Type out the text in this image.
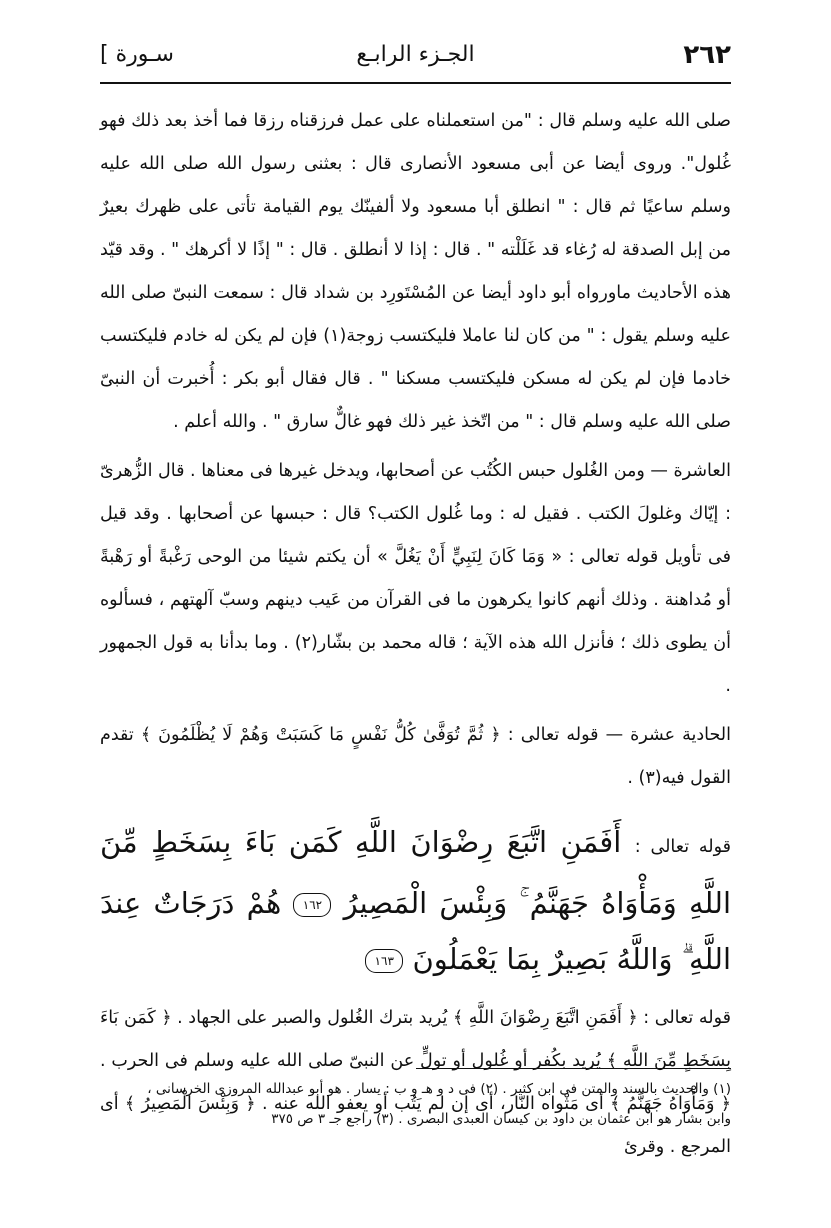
٢٦٢
الجـزء الرابـع
سـورة ]

صلى الله عليه وسلم قال : "من استعملناه على عمل فرزقناه رزقا فما أخذ بعد ذلك فهو غُلول". وروى أيضا عن أبى مسعود الأنصارى قال : بعثنى رسول الله صلى الله عليه وسلم ساعيًا ثم قال : " انطلق أبا مسعود ولا ألفينّك يوم القيامة تأتى على ظهرك بعيرٌ من إبل الصدقة له رُغاء قد غَلَلْته " . قال : إذا لا أنطلق . قال : " إذًا لا أكرهك " . وقد قيّد هذه الأحاديث ماورواه أبو داود أيضا عن المُسْتَورِد بن شداد قال : سمعت النبىّ صلى الله عليه وسلم يقول : " من كان لنا عاملا فليكتسب زوجة(١) فإن لم يكن له خادم فليكتسب خادما فإن لم يكن له مسكن فليكتسب مسكنا " . قال فقال أبو بكر : أُخبرت أن النبىّ صلى الله عليه وسلم قال : " من اتّخذ غير ذلك فهو غالٌّ سارق " . والله أعلم .

العاشرة — ومن الغُلول حبس الكُتُب عن أصحابها، ويدخل غيرها فى معناها . قال الزُّهرىّ : إيّاك وغلولَ الكتب . فقيل له : وما غُلول الكتب؟ قال : حبسها عن أصحابها . وقد قيل فى تأويل قوله تعالى : « وَمَا كَانَ لِنَبِيٍّ أَنْ يَغُلَّ » أن يكتم شيئا من الوحى رَغْبةً أو رَهْبةً أو مُداهنة . وذلك أنهم كانوا يكرهون ما فى القرآن من عَيب دينهم وسبّ آلهتهم ، فسألوه أن يطوى ذلك ؛ فأنزل الله هذه الآية ؛ قاله محمد بن بشّار(٢) . وما بدأنا به قول الجمهور .

الحادية عشرة — قوله تعالى : ﴿ ثُمَّ تُوَفَّىٰ كُلُّ نَفْسٍ مَا كَسَبَتْ وَهُمْ لَا يُظْلَمُونَ ﴾ تقدم القول فيه(٣) .

قوله تعالى : أَفَمَنِ اتَّبَعَ رِضْوَانَ اللَّهِ كَمَن بَاءَ بِسَخَطٍ مِّنَ اللَّهِ وَمَأْوَاهُ جَهَنَّمُ ۚ وَبِئْسَ الْمَصِيرُ ١٦٢ هُمْ دَرَجَاتٌ عِندَ اللَّهِ ۗ وَاللَّهُ بَصِيرٌ بِمَا يَعْمَلُونَ ١٦٣

قوله تعالى : ﴿ أَفَمَنِ اتَّبَعَ رِضْوَانَ اللَّهِ ﴾ يُريد بترك الغُلول والصبر على الجهاد . ﴿ كَمَن بَاءَ بِسَخَطٍ مِّنَ اللَّهِ ﴾ يُريد بكُفر أو غُلول أو تولٍّ عن النبىّ صلى الله عليه وسلم فى الحرب . ﴿ وَمَأْوَاهُ جَهَنَّمُ ﴾ أى مَثْواه النّار، أى إن لم يَتُب أو يعفو الله عنه . ﴿ وَبِئْسَ الْمَصِيرُ ﴾ أى المرجع . وقرئ

(١) والحديث بالسند والمتن فى ابن كثير . (٢) فى د و هـ و ب : يسار . هو أبو عبدالله المروزى الخرسانى ،

وابن بشار هو ابن عثمان بن داود بن كيسان العبدى البصرى . (٣) راجع جـ ٣ ص ٣٧٥
